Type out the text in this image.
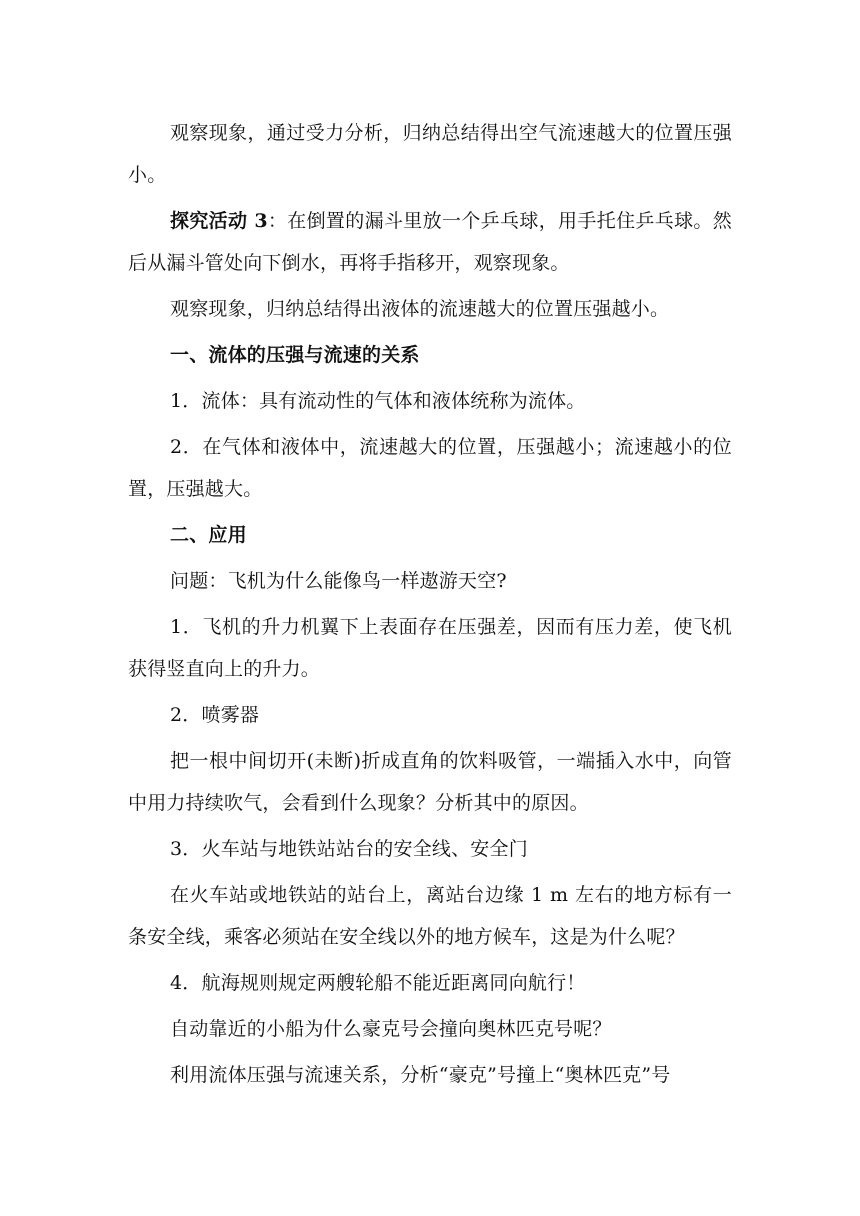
观察现象，通过受力分析，归纳总结得出空气流速越大的位置压强小。

探究活动 3：在倒置的漏斗里放一个乒乓球，用手托住乒乓球。然后从漏斗管处向下倒水，再将手指移开，观察现象。

观察现象，归纳总结得出液体的流速越大的位置压强越小。

一、流体的压强与流速的关系

1．流体：具有流动性的气体和液体统称为流体。

2．在气体和液体中，流速越大的位置，压强越小；流速越小的位置，压强越大。

二、应用

问题：飞机为什么能像鸟一样遨游天空?

1．飞机的升力机翼下上表面存在压强差，因而有压力差，使飞机获得竖直向上的升力。

2．喷雾器

把一根中间切开(未断)折成直角的饮料吸管，一端插入水中，向管中用力持续吹气，会看到什么现象？分析其中的原因。

3．火车站与地铁站站台的安全线、安全门

在火车站或地铁站的站台上，离站台边缘 1 m 左右的地方标有一条安全线，乘客必须站在安全线以外的地方候车，这是为什么呢？

4．航海规则规定两艘轮船不能近距离同向航行！

自动靠近的小船为什么豪克号会撞向奥林匹克号呢？

利用流体压强与流速关系，分析“豪克”号撞上“奥林匹克”号
